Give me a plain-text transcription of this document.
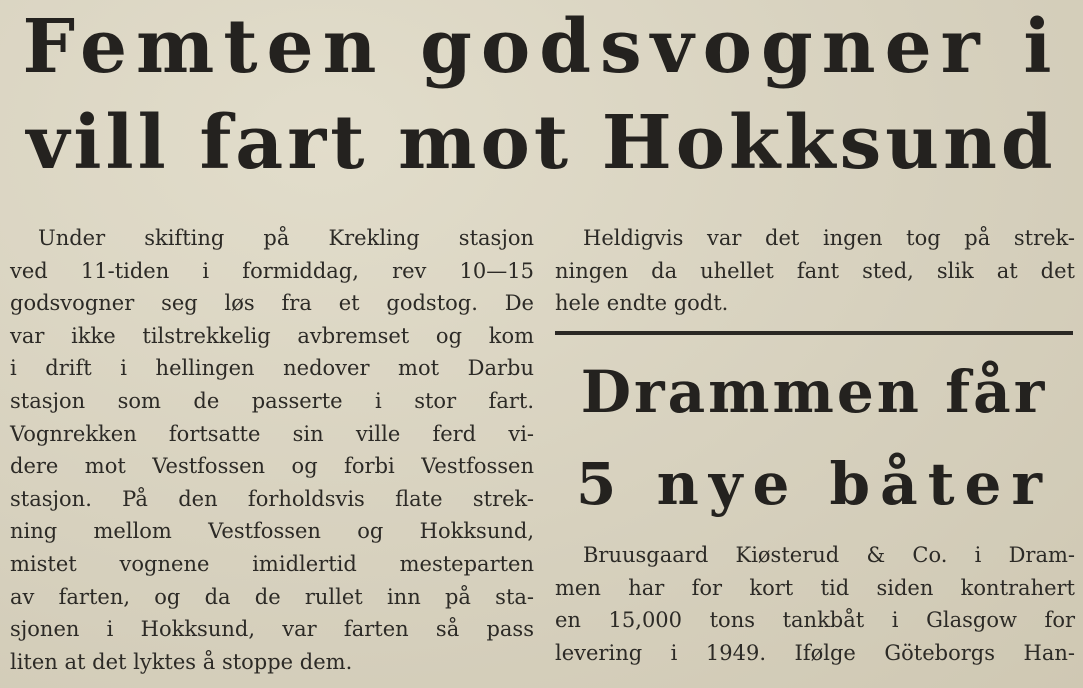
Femten godsvogner i
vill fart mot Hokksund
Under skifting på Krekling stasjon
ved 11-tiden i formiddag, rev 10—15
godsvogner seg løs fra et godstog. De
var ikke tilstrekkelig avbremset og kom
i drift i hellingen nedover mot Darbu
stasjon som de passerte i stor fart.
Vognrekken fortsatte sin ville ferd vi-
dere mot Vestfossen og forbi Vestfossen
stasjon. På den forholdsvis flate strek-
ning mellom Vestfossen og Hokksund,
mistet vognene imidlertid mesteparten
av farten, og da de rullet inn på sta-
sjonen i Hokksund, var farten så pass
liten at det lyktes å stoppe dem.
Heldigvis var det ingen tog på strek-
ningen da uhellet fant sted, slik at det
hele endte godt.
Drammen får
5 nye båter
Bruusgaard Kiøsterud & Co. i Dram-
men har for kort tid siden kontrahert
en 15,000 tons tankbåt i Glasgow for
levering i 1949. Ifølge Göteborgs Han-
